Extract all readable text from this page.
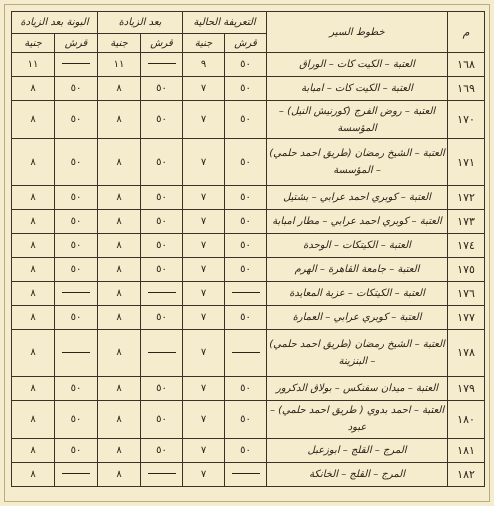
م	خطوط السير	التعريفة الحالية		بعد الزيادة		البونة بعد الزيادة	
		قرش	جنية	قرش	جنية	قرش	جنية
١٦٨	العتبة – الكيت كات – الوراق	٥٠	٩		١١		١١
١٦٩	العتبة – الكيت كات – امبابة	٥٠	٧	٥٠	٨	٥٠	٨
١٧٠	العتبة – روض الفرج (كورنيش النيل) – المؤسسة	٥٠	٧	٥٠	٨	٥٠	٨
١٧١	العتبة – الشيخ رمضان (طريق احمد حلمي) – المؤسسة	٥٠	٧	٥٠	٨	٥٠	٨
١٧٢	العتبة – كوبري احمد عرابي – بشتيل	٥٠	٧	٥٠	٨	٥٠	٨
١٧٣	العتبة – كوبري احمد عرابي – مطار امبابة	٥٠	٧	٥٠	٨	٥٠	٨
١٧٤	العتبة – الكيتكات – الوحدة	٥٠	٧	٥٠	٨	٥٠	٨
١٧٥	العتبة – جامعة القاهرة – الهرم	٥٠	٧	٥٠	٨	٥٠	٨
١٧٦	العتبة – الكيتكات – عزبة المعايدة		٧		٨		٨
١٧٧	العتبة – كوبري عرابي – العمارة	٥٠	٧	٥٠	٨	٥٠	٨
١٧٨	العتبة – الشيخ رمضان (طريق احمد حلمي) – البنزينة		٧		٨		٨
١٧٩	العتبة – ميدان سفنكس – بولاق الدكرور	٥٠	٧	٥٠	٨	٥٠	٨
١٨٠	العتبة – احمد بدوي ( طريق احمد حلمي) – عبود	٥٠	٧	٥٠	٨	٥٠	٨
١٨١	المرج – القلج – ابوزعبل	٥٠	٧	٥٠	٨	٥٠	٨
١٨٢	المرج – القلج – الخانكة		٧		٨		٨
